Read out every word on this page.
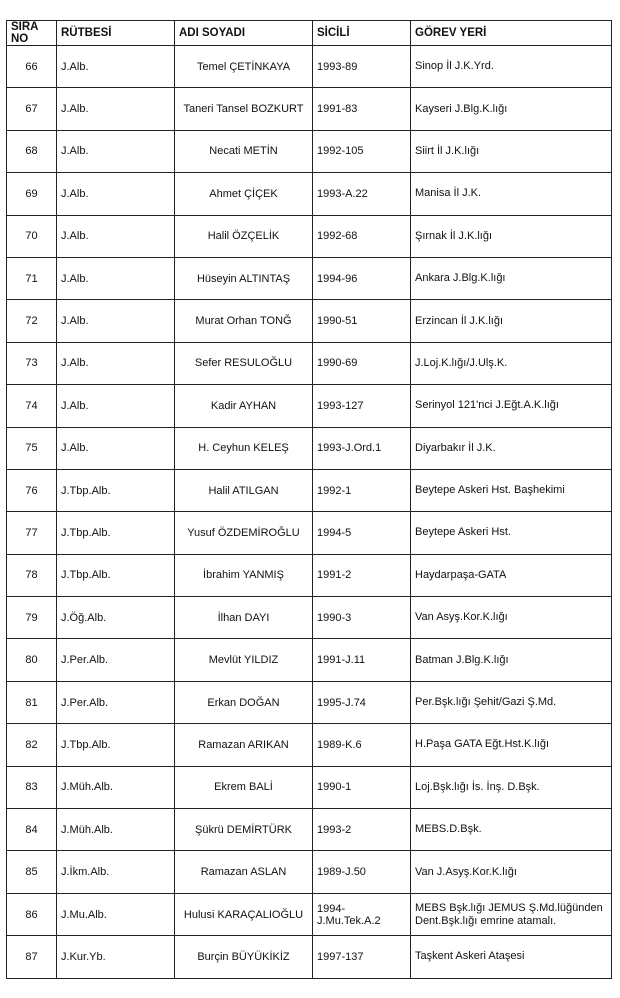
SIRA NO	RÜTBESİ	ADI SOYADI	SİCİLİ	GÖREV YERİ
66	J.Alb.	Temel ÇETİNKAYA	1993-89	Sinop İl J.K.Yrd.
67	J.Alb.	Taneri Tansel BOZKURT	1991-83	Kayseri J.Blg.K.lığı
68	J.Alb.	Necati METİN	1992-105	Siirt İl J.K.lığı
69	J.Alb.	Ahmet ÇİÇEK	1993-A.22	Manisa İl J.K.
70	J.Alb.	Halil ÖZÇELİK	1992-68	Şırnak İl J.K.lığı
71	J.Alb.	Hüseyin ALTINTAŞ	1994-96	Ankara J.Blg.K.lığı
72	J.Alb.	Murat Orhan TONĞ	1990-51	Erzincan İl J.K.lığı
73	J.Alb.	Sefer RESULOĞLU	1990-69	J.Loj.K.lığı/J.Ulş.K.
74	J.Alb.	Kadir AYHAN	1993-127	Serinyol 121'nci J.Eğt.A.K.lığı
75	J.Alb.	H. Ceyhun KELEŞ	1993-J.Ord.1	Diyarbakır İl J.K.
76	J.Tbp.Alb.	Halil ATILGAN	1992-1	Beytepe Askeri Hst. Başhekimi
77	J.Tbp.Alb.	Yusuf ÖZDEMİROĞLU	1994-5	Beytepe Askeri Hst.
78	J.Tbp.Alb.	İbrahim YANMIŞ	1991-2	Haydarpaşa-GATA
79	J.Öğ.Alb.	İlhan DAYI	1990-3	Van Asyş.Kor.K.lığı
80	J.Per.Alb.	Mevlüt YILDIZ	1991-J.11	Batman J.Blg.K.lığı
81	J.Per.Alb.	Erkan DOĞAN	1995-J.74	Per.Bşk.lığı Şehit/Gazi Ş.Md.
82	J.Tbp.Alb.	Ramazan ARIKAN	1989-K.6	H.Paşa GATA Eğt.Hst.K.lığı
83	J.Müh.Alb.	Ekrem BALİ	1990-1	Loj.Bşk.lığı İs. İnş. D.Bşk.
84	J.Müh.Alb.	Şükrü DEMİRTÜRK	1993-2	MEBS.D.Bşk.
85	J.İkm.Alb.	Ramazan ASLAN	1989-J.50	Van J.Asyş.Kor.K.lığı
86	J.Mu.Alb.	Hulusi KARAÇALIOĞLU	1994-J.Mu.Tek.A.2	MEBS Bşk.lığı JEMUS Ş.Md.lüğünden Dent.Bşk.lığı emrine atamalı.
87	J.Kur.Yb.	Burçin BÜYÜKİKİZ	1997-137	Taşkent Askeri Ataşesi
